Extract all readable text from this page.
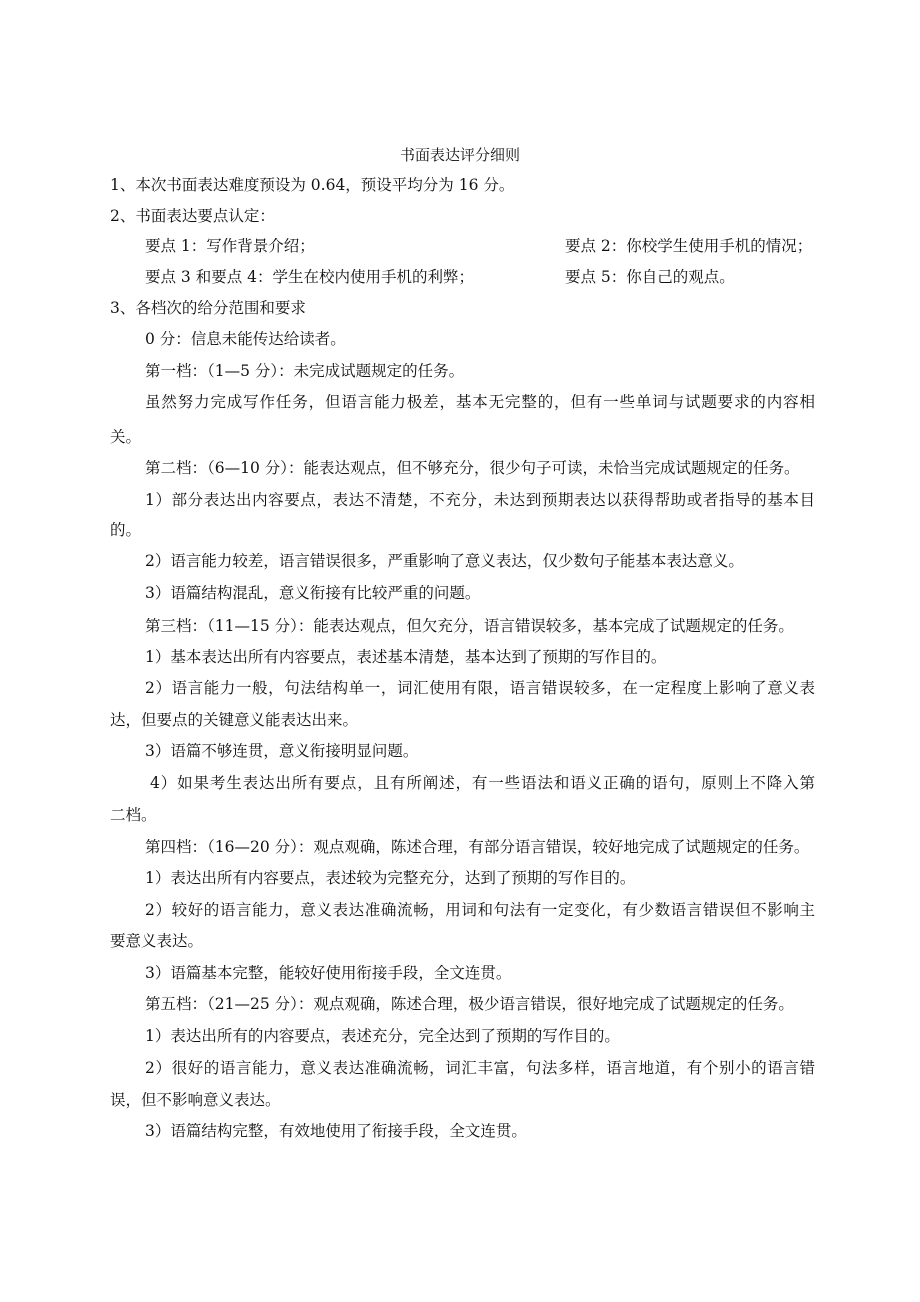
书面表达评分细则
1、本次书面表达难度预设为 0.64，预设平均分为 16 分。
2、书面表达要点认定：
要点 1：写作背景介绍；	要点 2：你校学生使用手机的情况；
要点 3 和要点 4：学生在校内使用手机的利弊；	要点 5：你自己的观点。
3、各档次的给分范围和要求
0 分：信息未能传达给读者。
第一档：（1—5 分）：未完成试题规定的任务。
虽然努力完成写作任务，但语言能力极差，基本无完整的，但有一些单词与试题要求的内容相
关。
第二档：（6—10 分）：能表达观点，但不够充分，很少句子可读，未恰当完成试题规定的任务。
1）部分表达出内容要点，表达不清楚，不充分，未达到预期表达以获得帮助或者指导的基本目
的。
2）语言能力较差，语言错误很多，严重影响了意义表达，仅少数句子能基本表达意义。
3）语篇结构混乱，意义衔接有比较严重的问题。
第三档：（11—15 分）：能表达观点，但欠充分，语言错误较多，基本完成了试题规定的任务。
1）基本表达出所有内容要点，表述基本清楚，基本达到了预期的写作目的。
2）语言能力一般，句法结构单一，词汇使用有限，语言错误较多，在一定程度上影响了意义表
达，但要点的关键意义能表达出来。
3）语篇不够连贯，意义衔接明显问题。
4）如果考生表达出所有要点，且有所阐述，有一些语法和语义正确的语句，原则上不降入第
二档。
第四档：（16—20 分）：观点观确，陈述合理，有部分语言错误，较好地完成了试题规定的任务。
1）表达出所有内容要点，表述较为完整充分，达到了预期的写作目的。
2）较好的语言能力，意义表达准确流畅，用词和句法有一定变化，有少数语言错误但不影响主
要意义表达。
3）语篇基本完整，能较好使用衔接手段，全文连贯。
第五档：（21—25 分）：观点观确，陈述合理，极少语言错误，很好地完成了试题规定的任务。
1）表达出所有的内容要点，表述充分，完全达到了预期的写作目的。
2）很好的语言能力，意义表达准确流畅，词汇丰富，句法多样，语言地道，有个别小的语言错
误，但不影响意义表达。
3）语篇结构完整，有效地使用了衔接手段，全文连贯。
